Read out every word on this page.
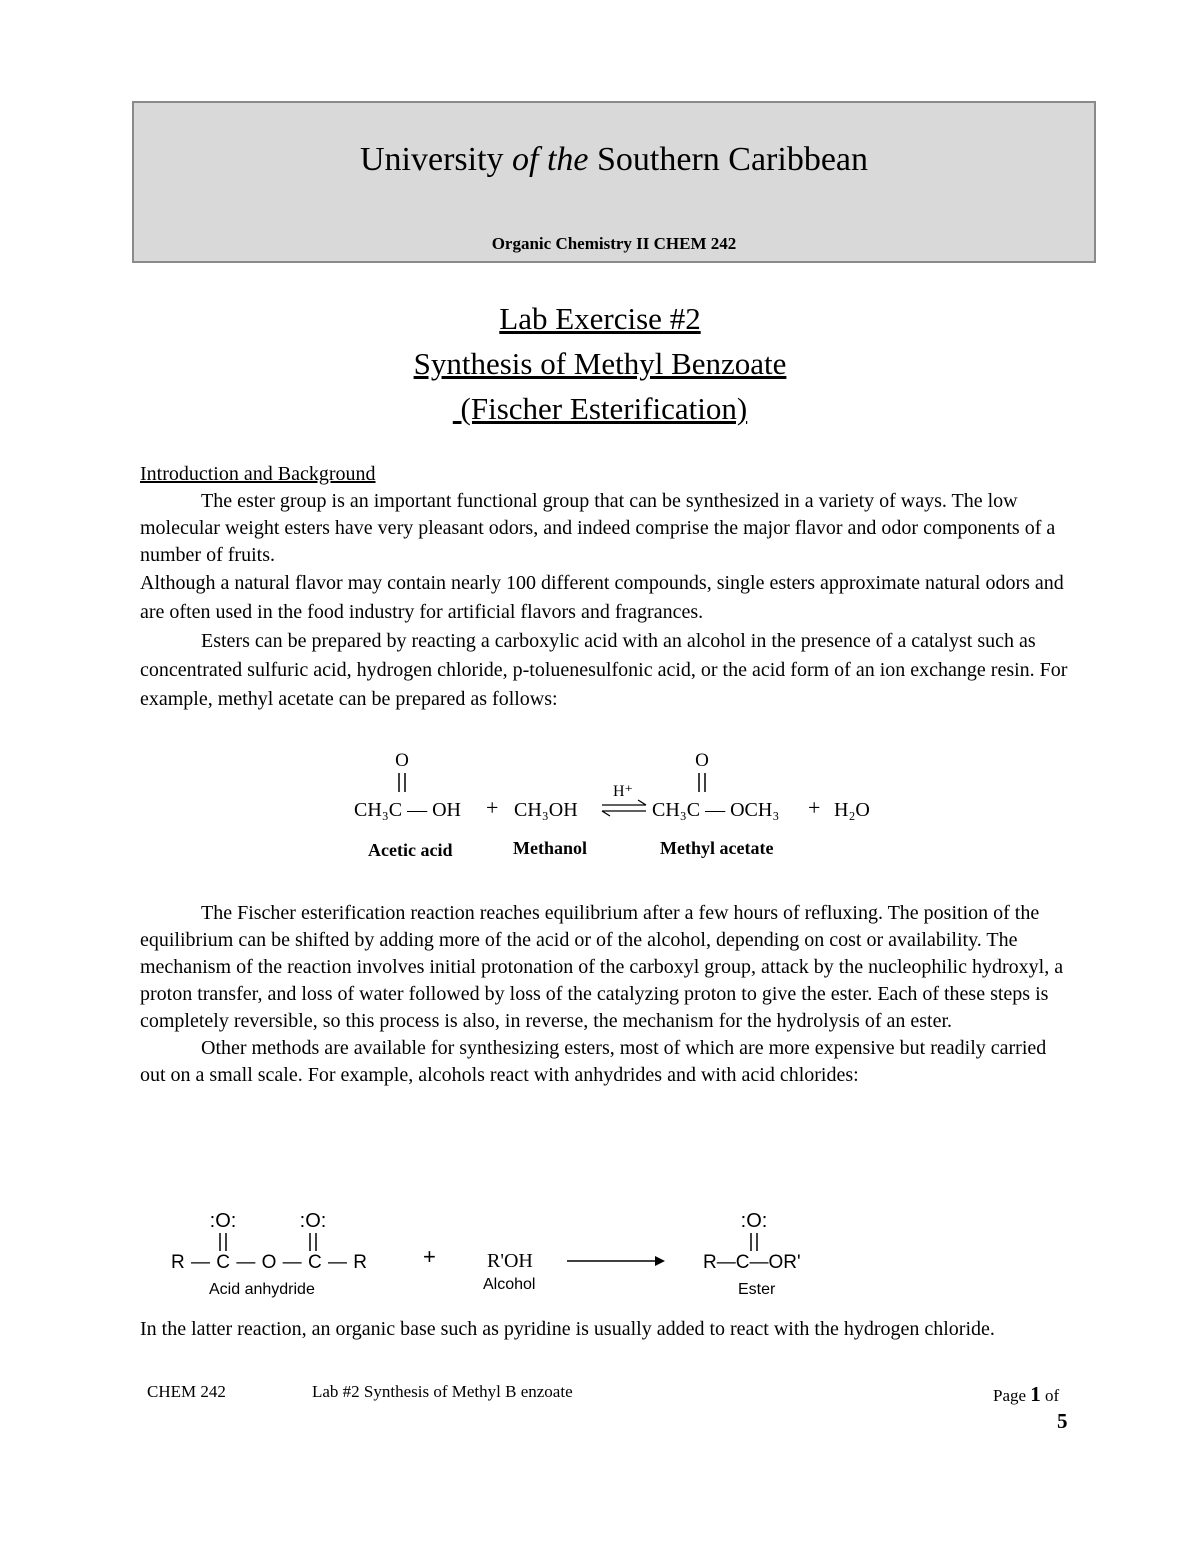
University of the Southern Caribbean
Organic Chemistry II CHEM 242
Lab Exercise #2
Synthesis of Methyl Benzoate
(Fischer Esterification)

Introduction and Background

The ester group is an important functional group that can be synthesized in a variety of ways. The low molecular weight esters have very pleasant odors, and indeed comprise the major flavor and odor components of a number of fruits.

Although a natural flavor may contain nearly 100 different compounds, single esters approximate natural odors and are often used in the food industry for artificial flavors and fragrances.

Esters can be prepared by reacting a carboxylic acid with an alcohol in the presence of a catalyst such as concentrated sulfuric acid, hydrogen chloride, p-toluenesulfonic acid, or the acid form of an ion exchange resin. For example, methyl acetate can be prepared as follows:

O
CH₃C — OH + CH₃OH
H⁺
O
CH₃C — OCH₃ + H₂O
Acetic acid	Methanol	Methyl acetate

The Fischer esterification reaction reaches equilibrium after a few hours of refluxing. The position of the equilibrium can be shifted by adding more of the acid or of the alcohol, depending on cost or availability. The mechanism of the reaction involves initial protonation of the carboxyl group, attack by the nucleophilic hydroxyl, a proton transfer, and loss of water followed by loss of the catalyzing proton to give the ester. Each of these steps is completely reversible, so this process is also, in reverse, the mechanism for the hydrolysis of an ester.

Other methods are available for synthesizing esters, most of which are more expensive but readily carried out on a small scale. For example, alcohols react with anhydrides and with acid chlorides:

:O:	:O:
R—C—O—C—R	+	R'OH
:O:
R—C—OR'
Acid anhydride	Alcohol	Ester

In the latter reaction, an organic base such as pyridine is usually added to react with the hydrogen chloride.

CHEM 242	Lab #2 Synthesis of Methyl B enzoate	Page 1 of
5
